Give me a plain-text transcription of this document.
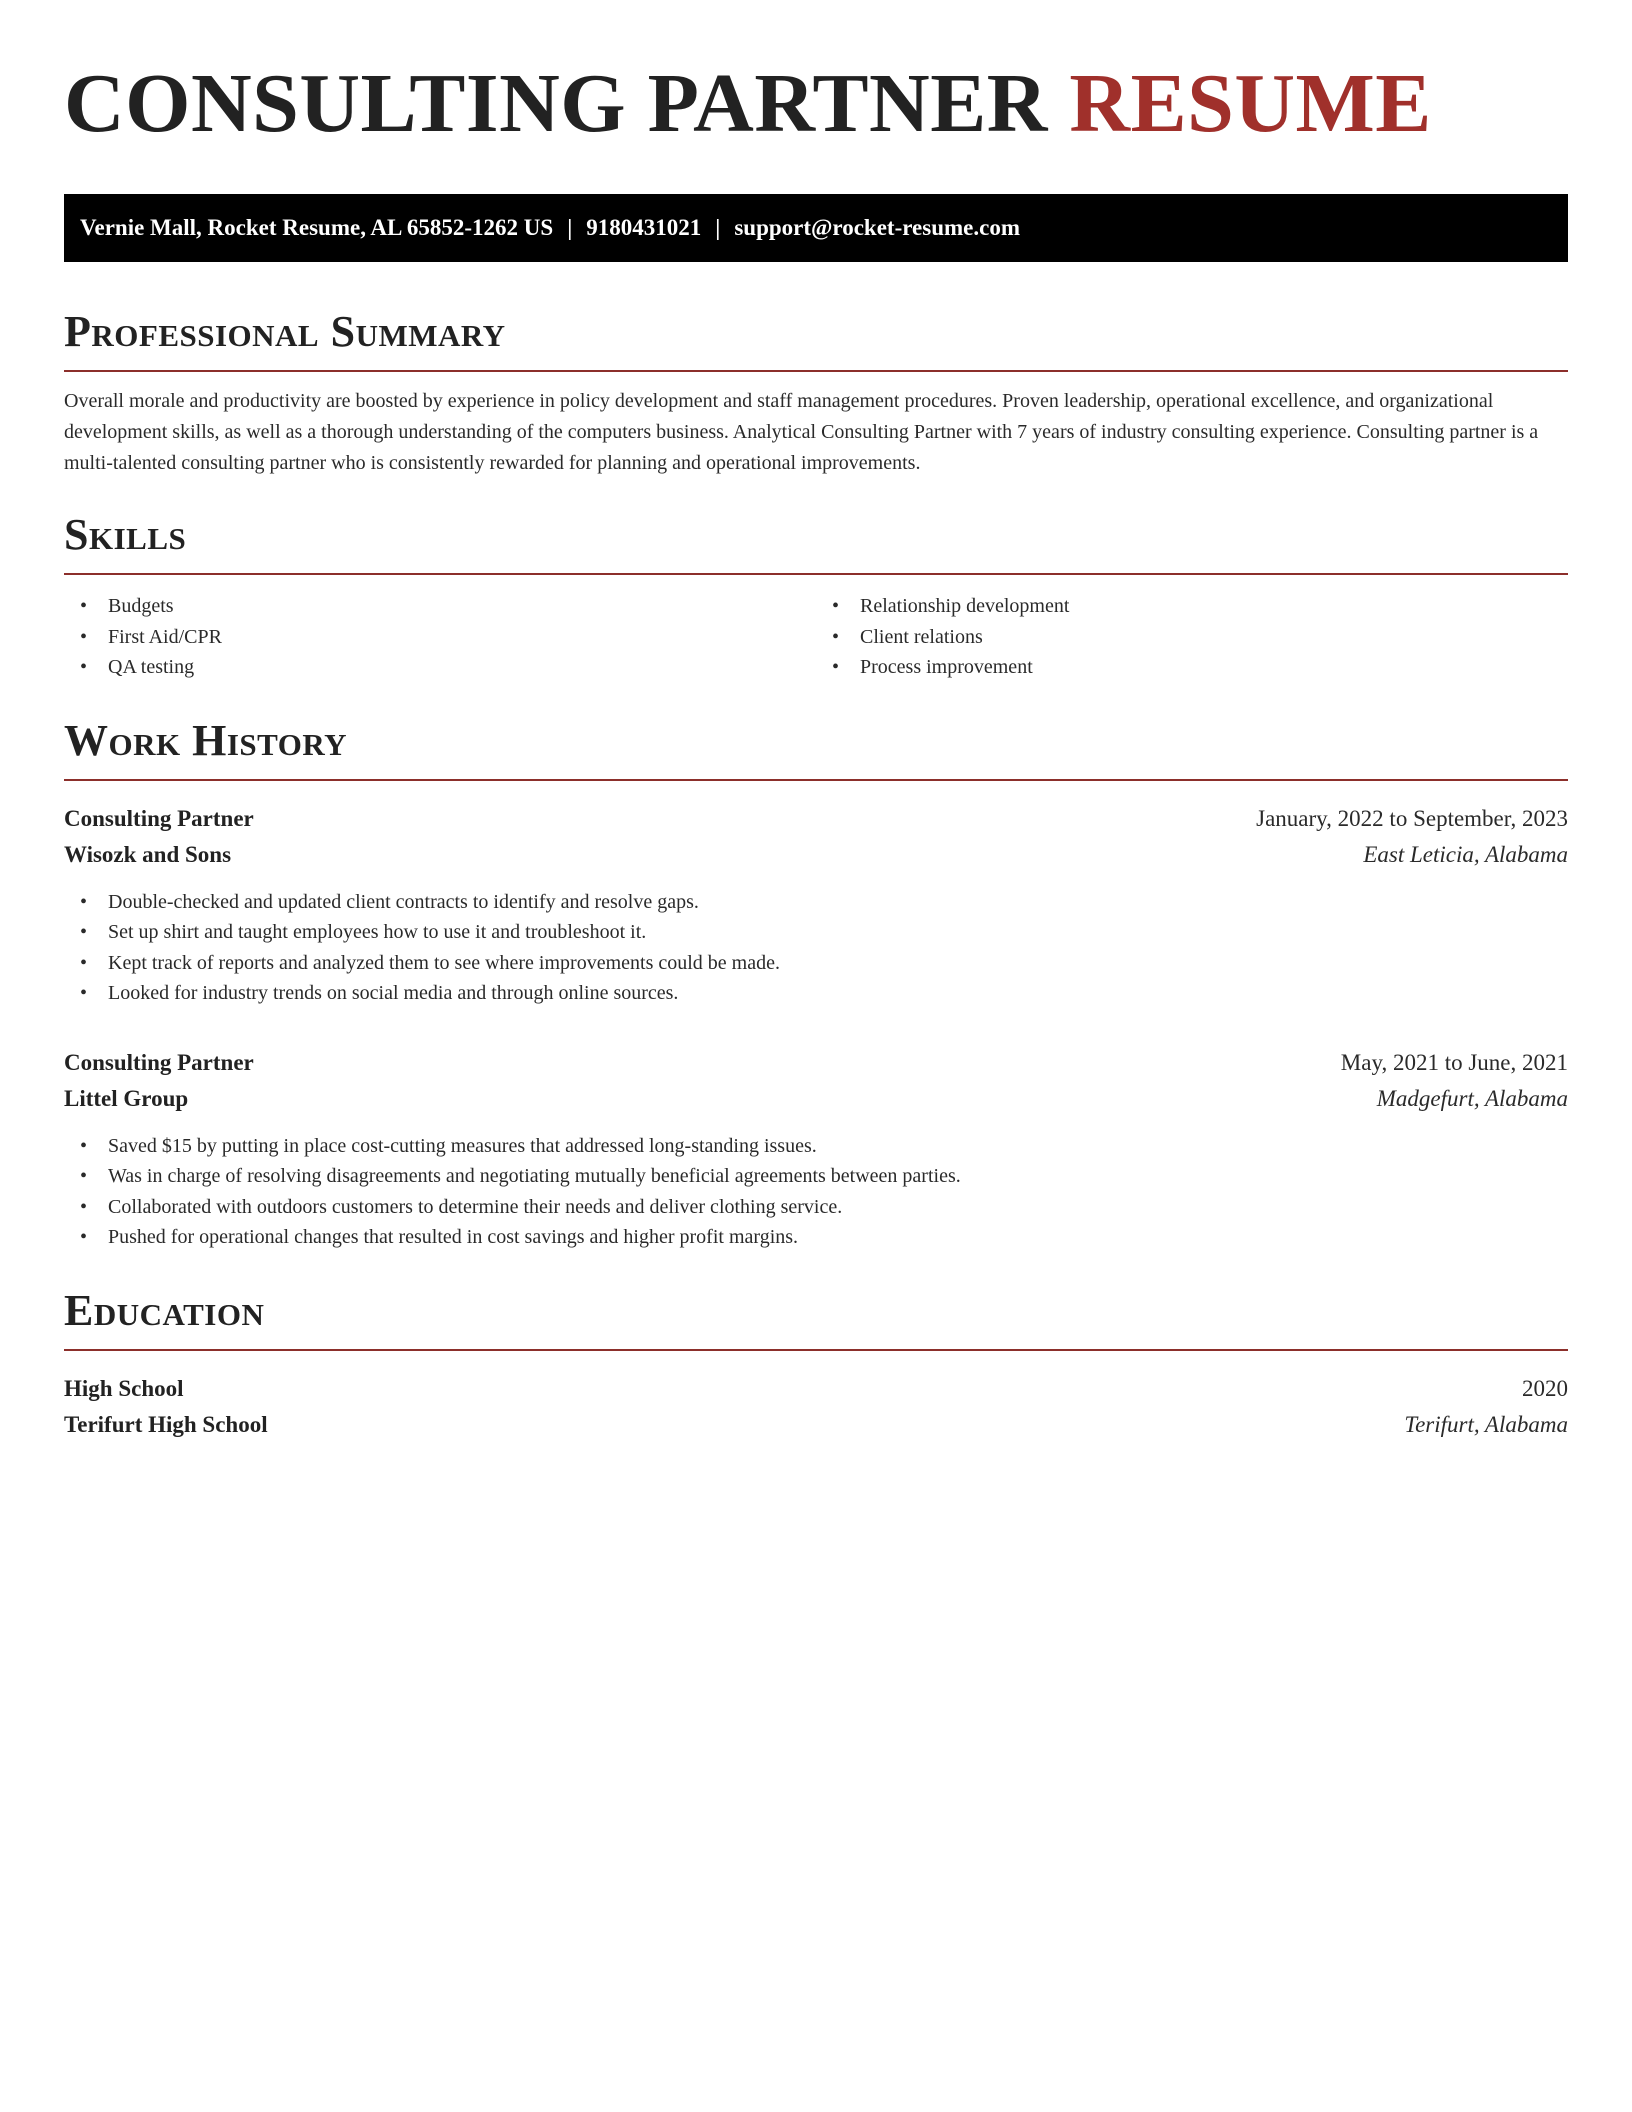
CONSULTING PARTNER RESUME
Vernie Mall, Rocket Resume, AL 65852-1262 US | 9180431021 | support@rocket-resume.com
Professional Summary

Overall morale and productivity are boosted by experience in policy development and staff management procedures. Proven leadership, operational excellence, and organizational development skills, as well as a thorough understanding of the computers business. Analytical Consulting Partner with 7 years of industry consulting experience. Consulting partner is a multi-talented consulting partner who is consistently rewarded for planning and operational improvements.

Skills
• Budgets
• First Aid/CPR
• QA testing
• Relationship development
• Client relations
• Process improvement
Work History
Consulting Partner	January, 2022 to September, 2023
Wisozk and Sons	East Leticia, Alabama
• Double-checked and updated client contracts to identify and resolve gaps.
• Set up shirt and taught employees how to use it and troubleshoot it.
• Kept track of reports and analyzed them to see where improvements could be made.
• Looked for industry trends on social media and through online sources.
Consulting Partner	May, 2021 to June, 2021
Littel Group	Madgefurt, Alabama
• Saved $15 by putting in place cost-cutting measures that addressed long-standing issues.
• Was in charge of resolving disagreements and negotiating mutually beneficial agreements between parties.
• Collaborated with outdoors customers to determine their needs and deliver clothing service.
• Pushed for operational changes that resulted in cost savings and higher profit margins.
Education
High School	2020
Terifurt High School	Terifurt, Alabama
